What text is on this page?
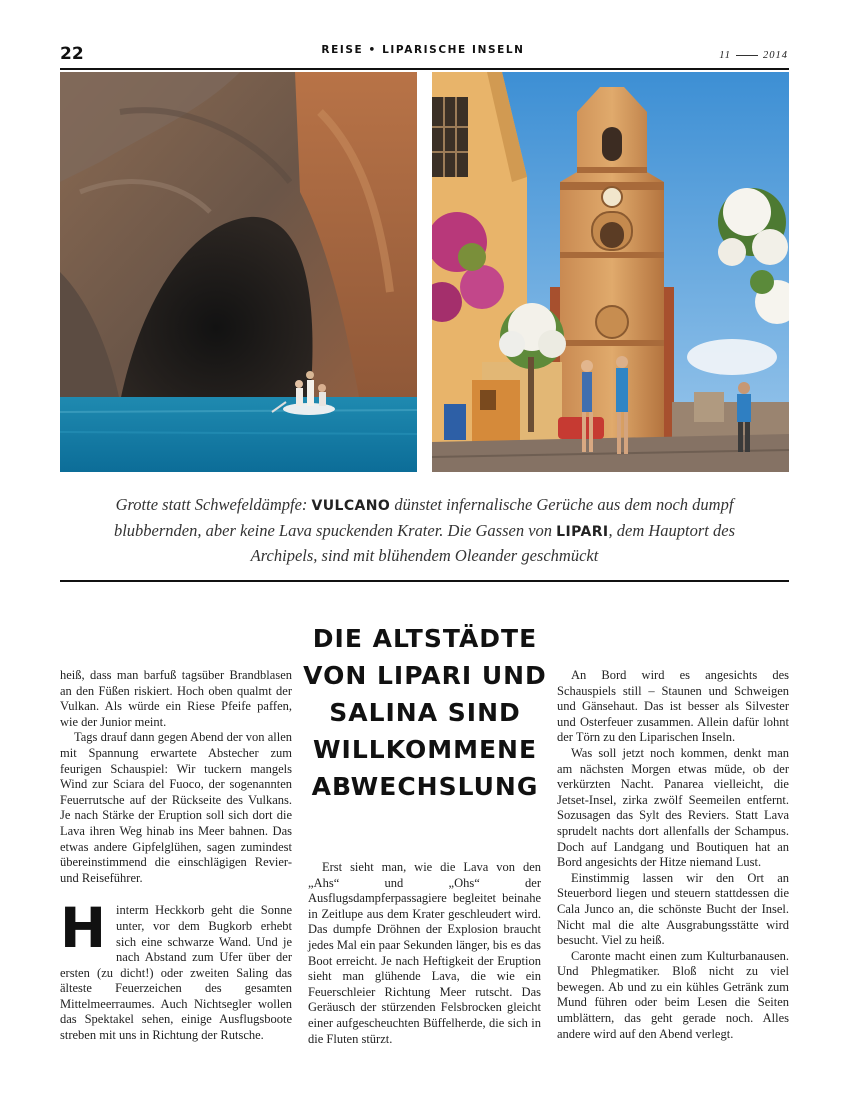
22	REISE • LIPARISCHE INSELN	11	2014
Grotte statt Schwefeldämpfe: VULCANO dünstet infernalische Gerüche aus dem noch dumpf blubbernden, aber keine Lava spuckenden Krater. Die Gassen von LIPARI, dem Hauptort des Archipels, sind mit blühendem Oleander geschmückt

heiß, dass man barfuß tagsüber Brandblasen an den Füßen riskiert. Hoch oben qualmt der Vulkan. Als würde ein Riese Pfeife paffen, wie der Junior meint.

Tags drauf dann gegen Abend der von allen mit Spannung erwartete Abstecher zum feurigen Schauspiel: Wir tuckern mangels Wind zur Sciara del Fuoco, der sogenannten Feuerrutsche auf der Rückseite des Vulkans. Je nach Stärke der Eruption soll sich dort die Lava ihren Weg hinab ins Meer bahnen. Das etwas andere Gipfelglühen, sagen zumindest übereinstimmend die einschlägigen Revier- und Reiseführer.

Hinterm Heckkorb geht die Sonne unter, vor dem Bugkorb erhebt sich eine schwarze Wand. Und je nach Abstand zum Ufer über der ersten (zu dicht!) oder zweiten Saling das älteste Feuerzeichen des gesamten Mittelmeerraumes. Auch Nichtsegler wollen das Spektakel sehen, einige Ausflugsboote streben mit uns in Richtung der Rutsche.

DIE ALTSTÄDTE VON LIPARI UND SALINA SIND WILLKOMMENE ABWECHSLUNG

Erst sieht man, wie die Lava von den „Ahs“ und „Ohs“ der Ausflugsdampferpassagiere begleitet beinahe in Zeitlupe aus dem Krater geschleudert wird. Das dumpfe Dröhnen der Explosion braucht jedes Mal ein paar Sekunden länger, bis es das Boot erreicht. Je nach Heftigkeit der Eruption sieht man glühende Lava, die wie ein Feuerschleier Richtung Meer rutscht. Das Geräusch der stürzenden Felsbrocken gleicht einer aufgescheuchten Büffelherde, die sich in die Fluten stürzt.

An Bord wird es angesichts des Schauspiels still – Staunen und Schweigen und Gänsehaut. Das ist besser als Silvester und Osterfeuer zusammen. Allein dafür lohnt der Törn zu den Liparischen Inseln.

Was soll jetzt noch kommen, denkt man am nächsten Morgen etwas müde, ob der verkürzten Nacht. Panarea vielleicht, die Jetset-Insel, zirka zwölf Seemeilen entfernt. Sozusagen das Sylt des Reviers. Statt Lava sprudelt nachts dort allenfalls der Schampus. Doch auf Landgang und Boutiquen hat an Bord angesichts der Hitze niemand Lust.

Einstimmig lassen wir den Ort an Steuerbord liegen und steuern stattdessen die Cala Junco an, die schönste Bucht der Insel. Nicht mal die alte Ausgrabungsstätte wird besucht. Viel zu heiß.

Caronte macht einen zum Kulturbanausen. Und Phlegmatiker. Bloß nicht zu viel bewegen. Ab und zu ein kühles Getränk zum Mund führen oder beim Lesen die Seiten umblättern, das geht gerade noch. Alles andere wird auf den Abend verlegt.
